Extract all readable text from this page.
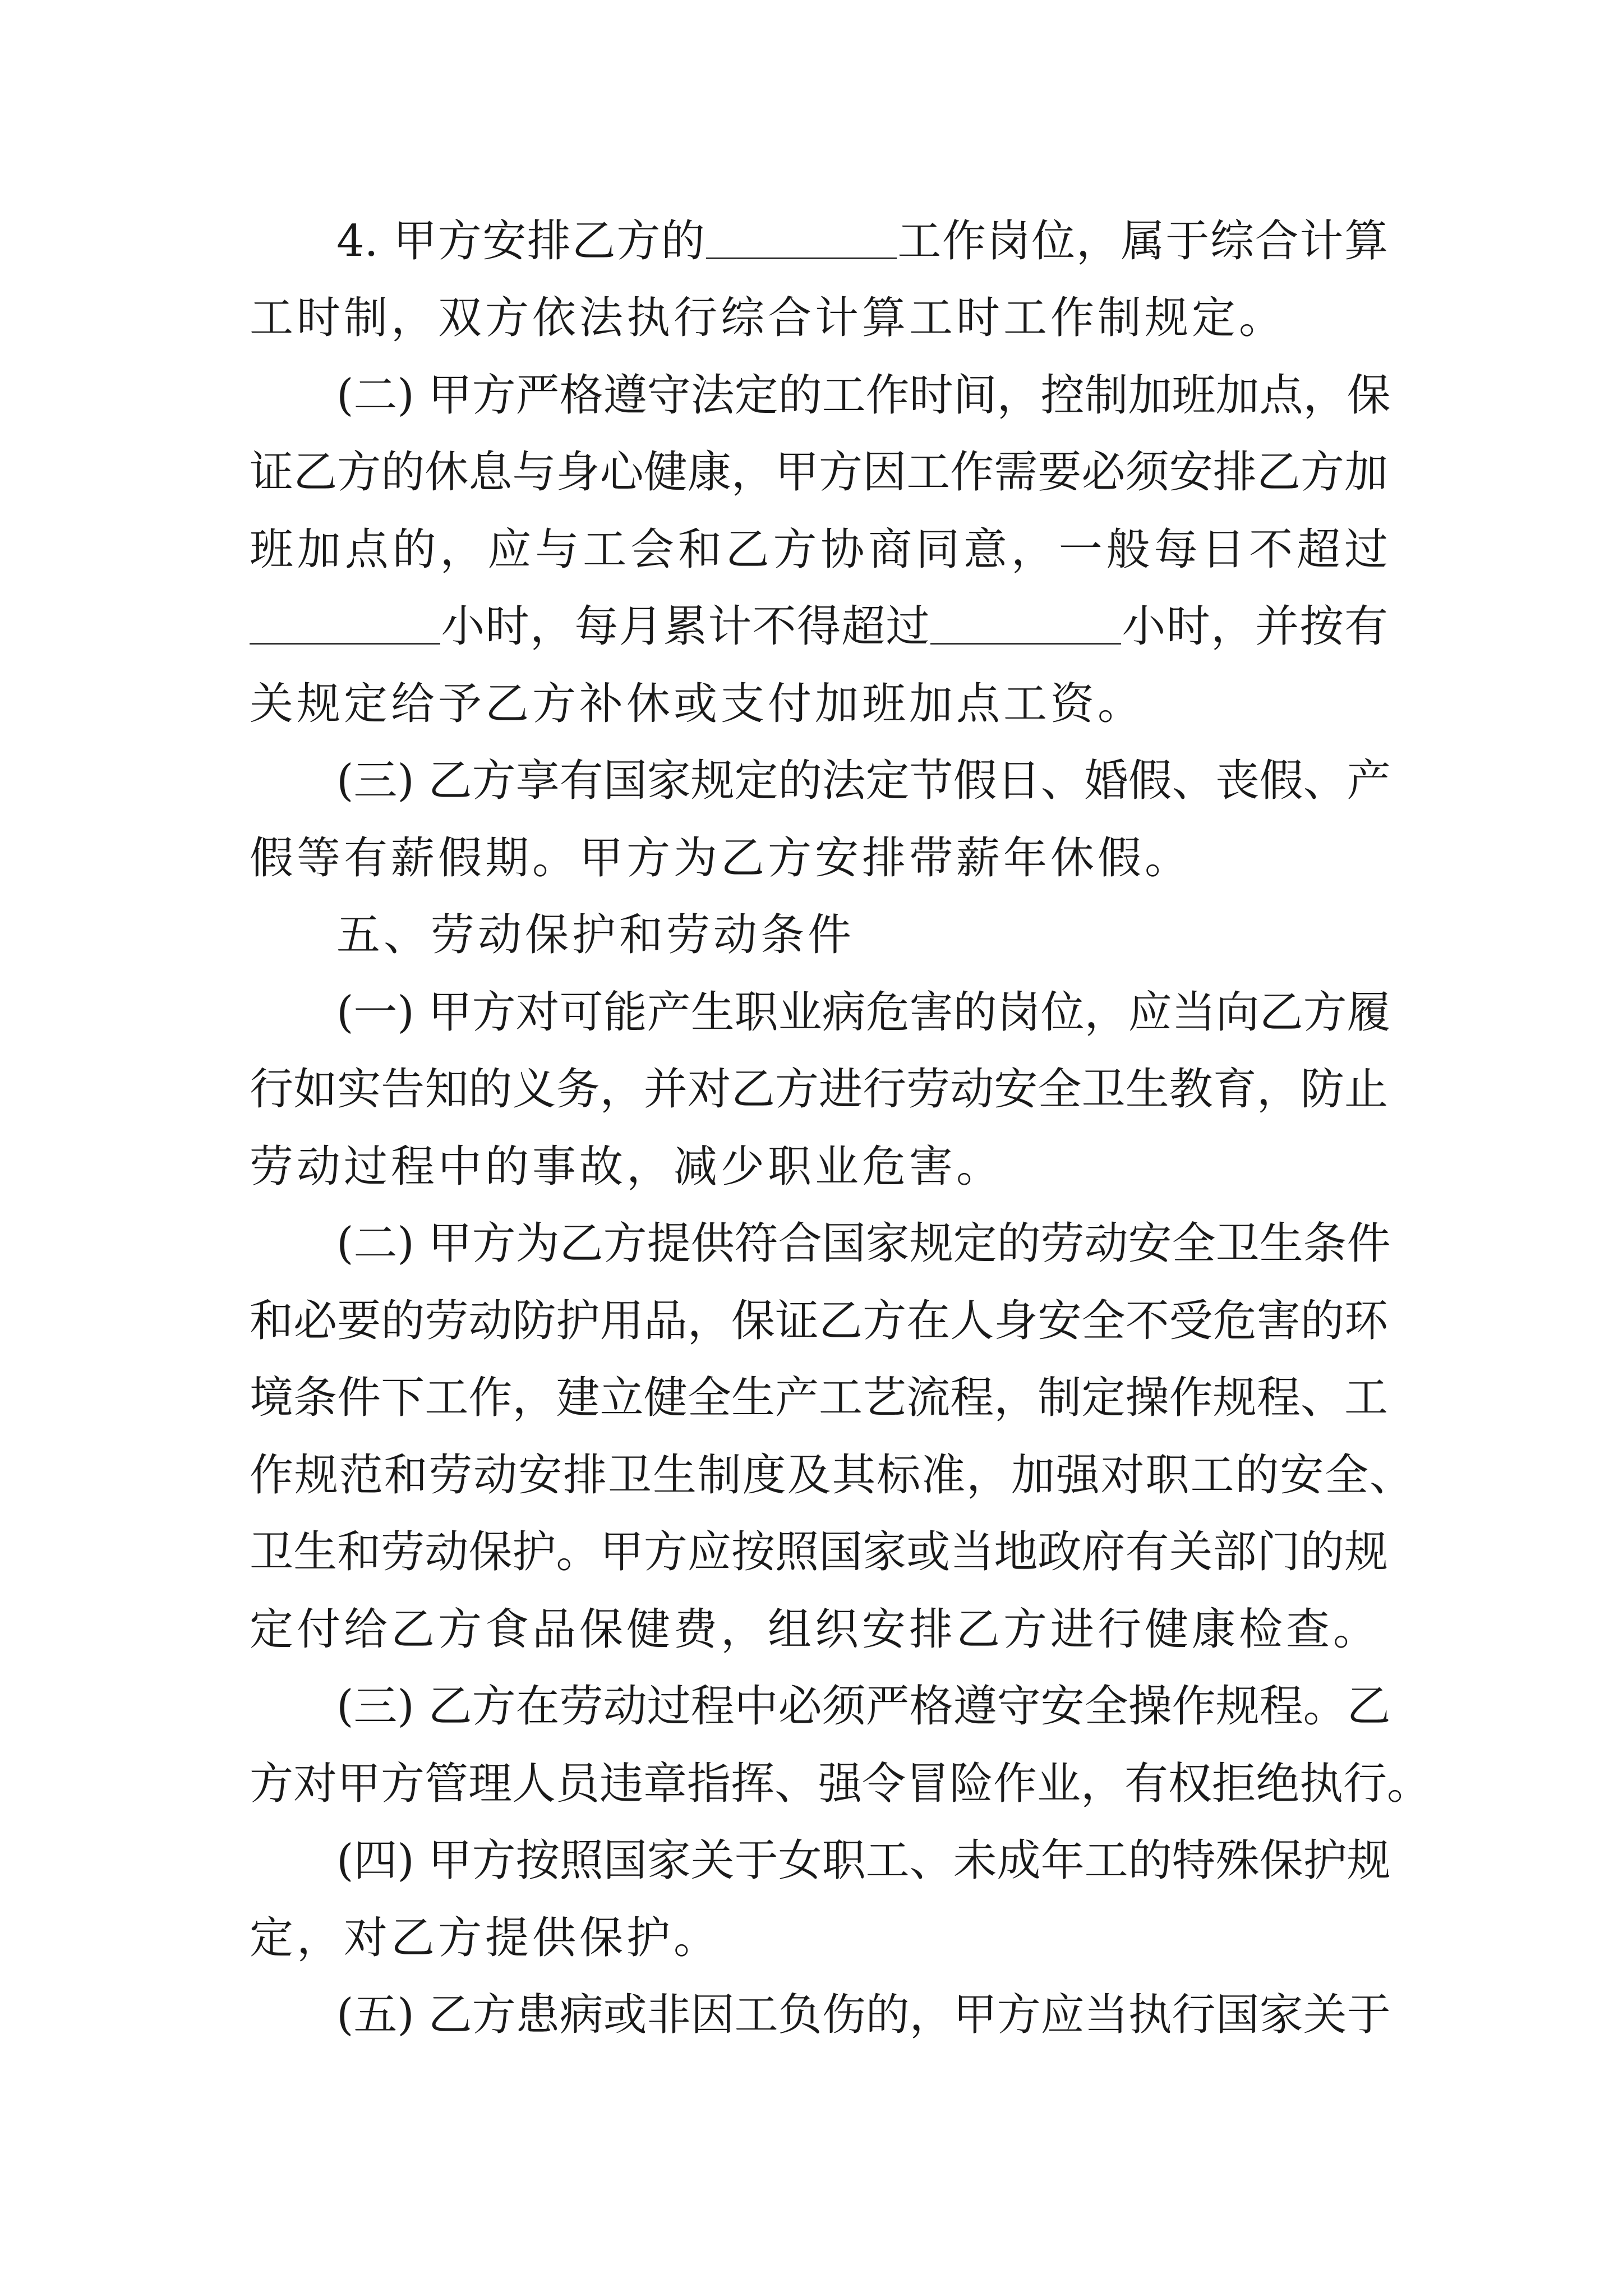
4. 甲方安排乙方的	工作岗位，属于综合计算
工时制，双方依法执行综合计算工时工作制规定。
(二) 甲方严格遵守法定的工作时间，控制加班加点，保
证乙方的休息与身心健康，甲方因工作需要必须安排乙方加
班加点的，应与工会和乙方协商同意，一般每日不超过
小时，每月累计不得超过	小时，并按有
关规定给予乙方补休或支付加班加点工资。
(三) 乙方享有国家规定的法定节假日、婚假、丧假、产
假等有薪假期。甲方为乙方安排带薪年休假。
五、劳动保护和劳动条件
(一) 甲方对可能产生职业病危害的岗位，应当向乙方履
行如实告知的义务，并对乙方进行劳动安全卫生教育，防止
劳动过程中的事故，减少职业危害。
(二) 甲方为乙方提供符合国家规定的劳动安全卫生条件
和必要的劳动防护用品，保证乙方在人身安全不受危害的环
境条件下工作，建立健全生产工艺流程，制定操作规程、工
作规范和劳动安排卫生制度及其标准，加强对职工的安全、
卫生和劳动保护。甲方应按照国家或当地政府有关部门的规
定付给乙方食品保健费，组织安排乙方进行健康检查。
(三) 乙方在劳动过程中必须严格遵守安全操作规程。乙
方对甲方管理人员违章指挥、强令冒险作业，有权拒绝执行。
(四) 甲方按照国家关于女职工、未成年工的特殊保护规
定，对乙方提供保护。
(五) 乙方患病或非因工负伤的，甲方应当执行国家关于
